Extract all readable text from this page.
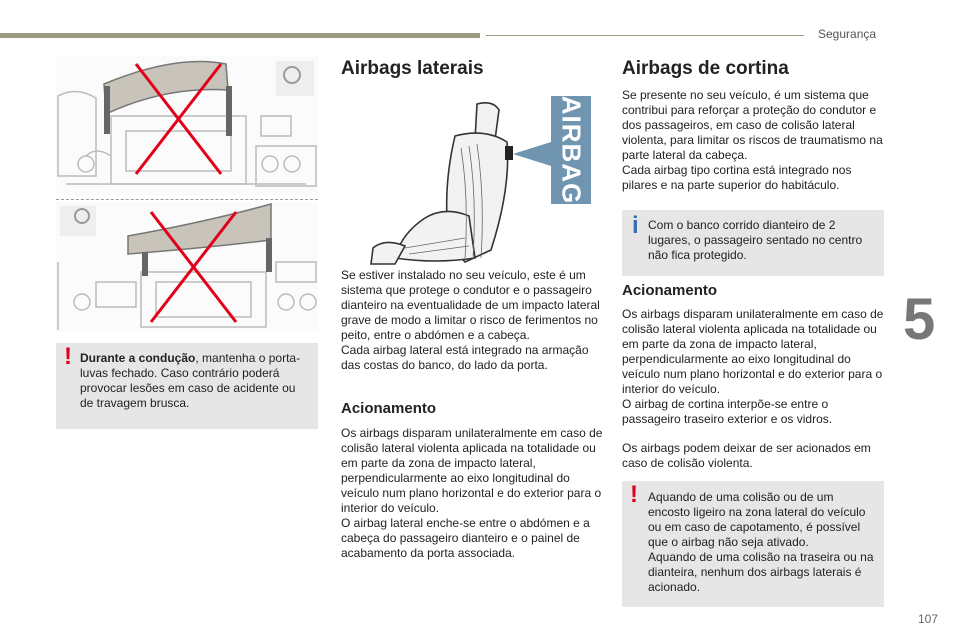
Segurança
5
107
! Durante a condução, mantenha o porta-luvas fechado. Caso contrário poderá provocar lesões em caso de acidente ou de travagem brusca.
Airbags laterais
AIRBAG
Se estiver instalado no seu veículo, este é um sistema que protege o condutor e o passageiro dianteiro na eventualidade de um impacto lateral grave de modo a limitar o risco de ferimentos no peito, entre o abdómen e a cabeça.
Cada airbag lateral está integrado na armação das costas do banco, do lado da porta.
Acionamento
Os airbags disparam unilateralmente em caso de colisão lateral violenta aplicada na totalidade ou em parte da zona de impacto lateral, perpendicularmente ao eixo longitudinal do veículo num plano horizontal e do exterior para o interior do veículo.
O airbag lateral enche-se entre o abdómen e a cabeça do passageiro dianteiro e o painel de acabamento da porta associada.
Airbags de cortina
Se presente no seu veículo, é um sistema que contribui para reforçar a proteção do condutor e dos passageiros, em caso de colisão lateral violenta, para limitar os riscos de traumatismo na parte lateral da cabeça.
Cada airbag tipo cortina está integrado nos pilares e na parte superior do habitáculo.
i Com o banco corrido dianteiro de 2 lugares, o passageiro sentado no centro não fica protegido.
Acionamento
Os airbags disparam unilateralmente em caso de colisão lateral violenta aplicada na totalidade ou em parte da zona de impacto lateral, perpendicularmente ao eixo longitudinal do veículo num plano horizontal e do exterior para o interior do veículo.
O airbag de cortina interpõe-se entre o passageiro traseiro exterior e os vidros.
Os airbags podem deixar de ser acionados em caso de colisão violenta.
! Aquando de uma colisão ou de um encosto ligeiro na zona lateral do veículo ou em caso de capotamento, é possível que o airbag não seja ativado.
Aquando de uma colisão na traseira ou na dianteira, nenhum dos airbags laterais é acionado.
